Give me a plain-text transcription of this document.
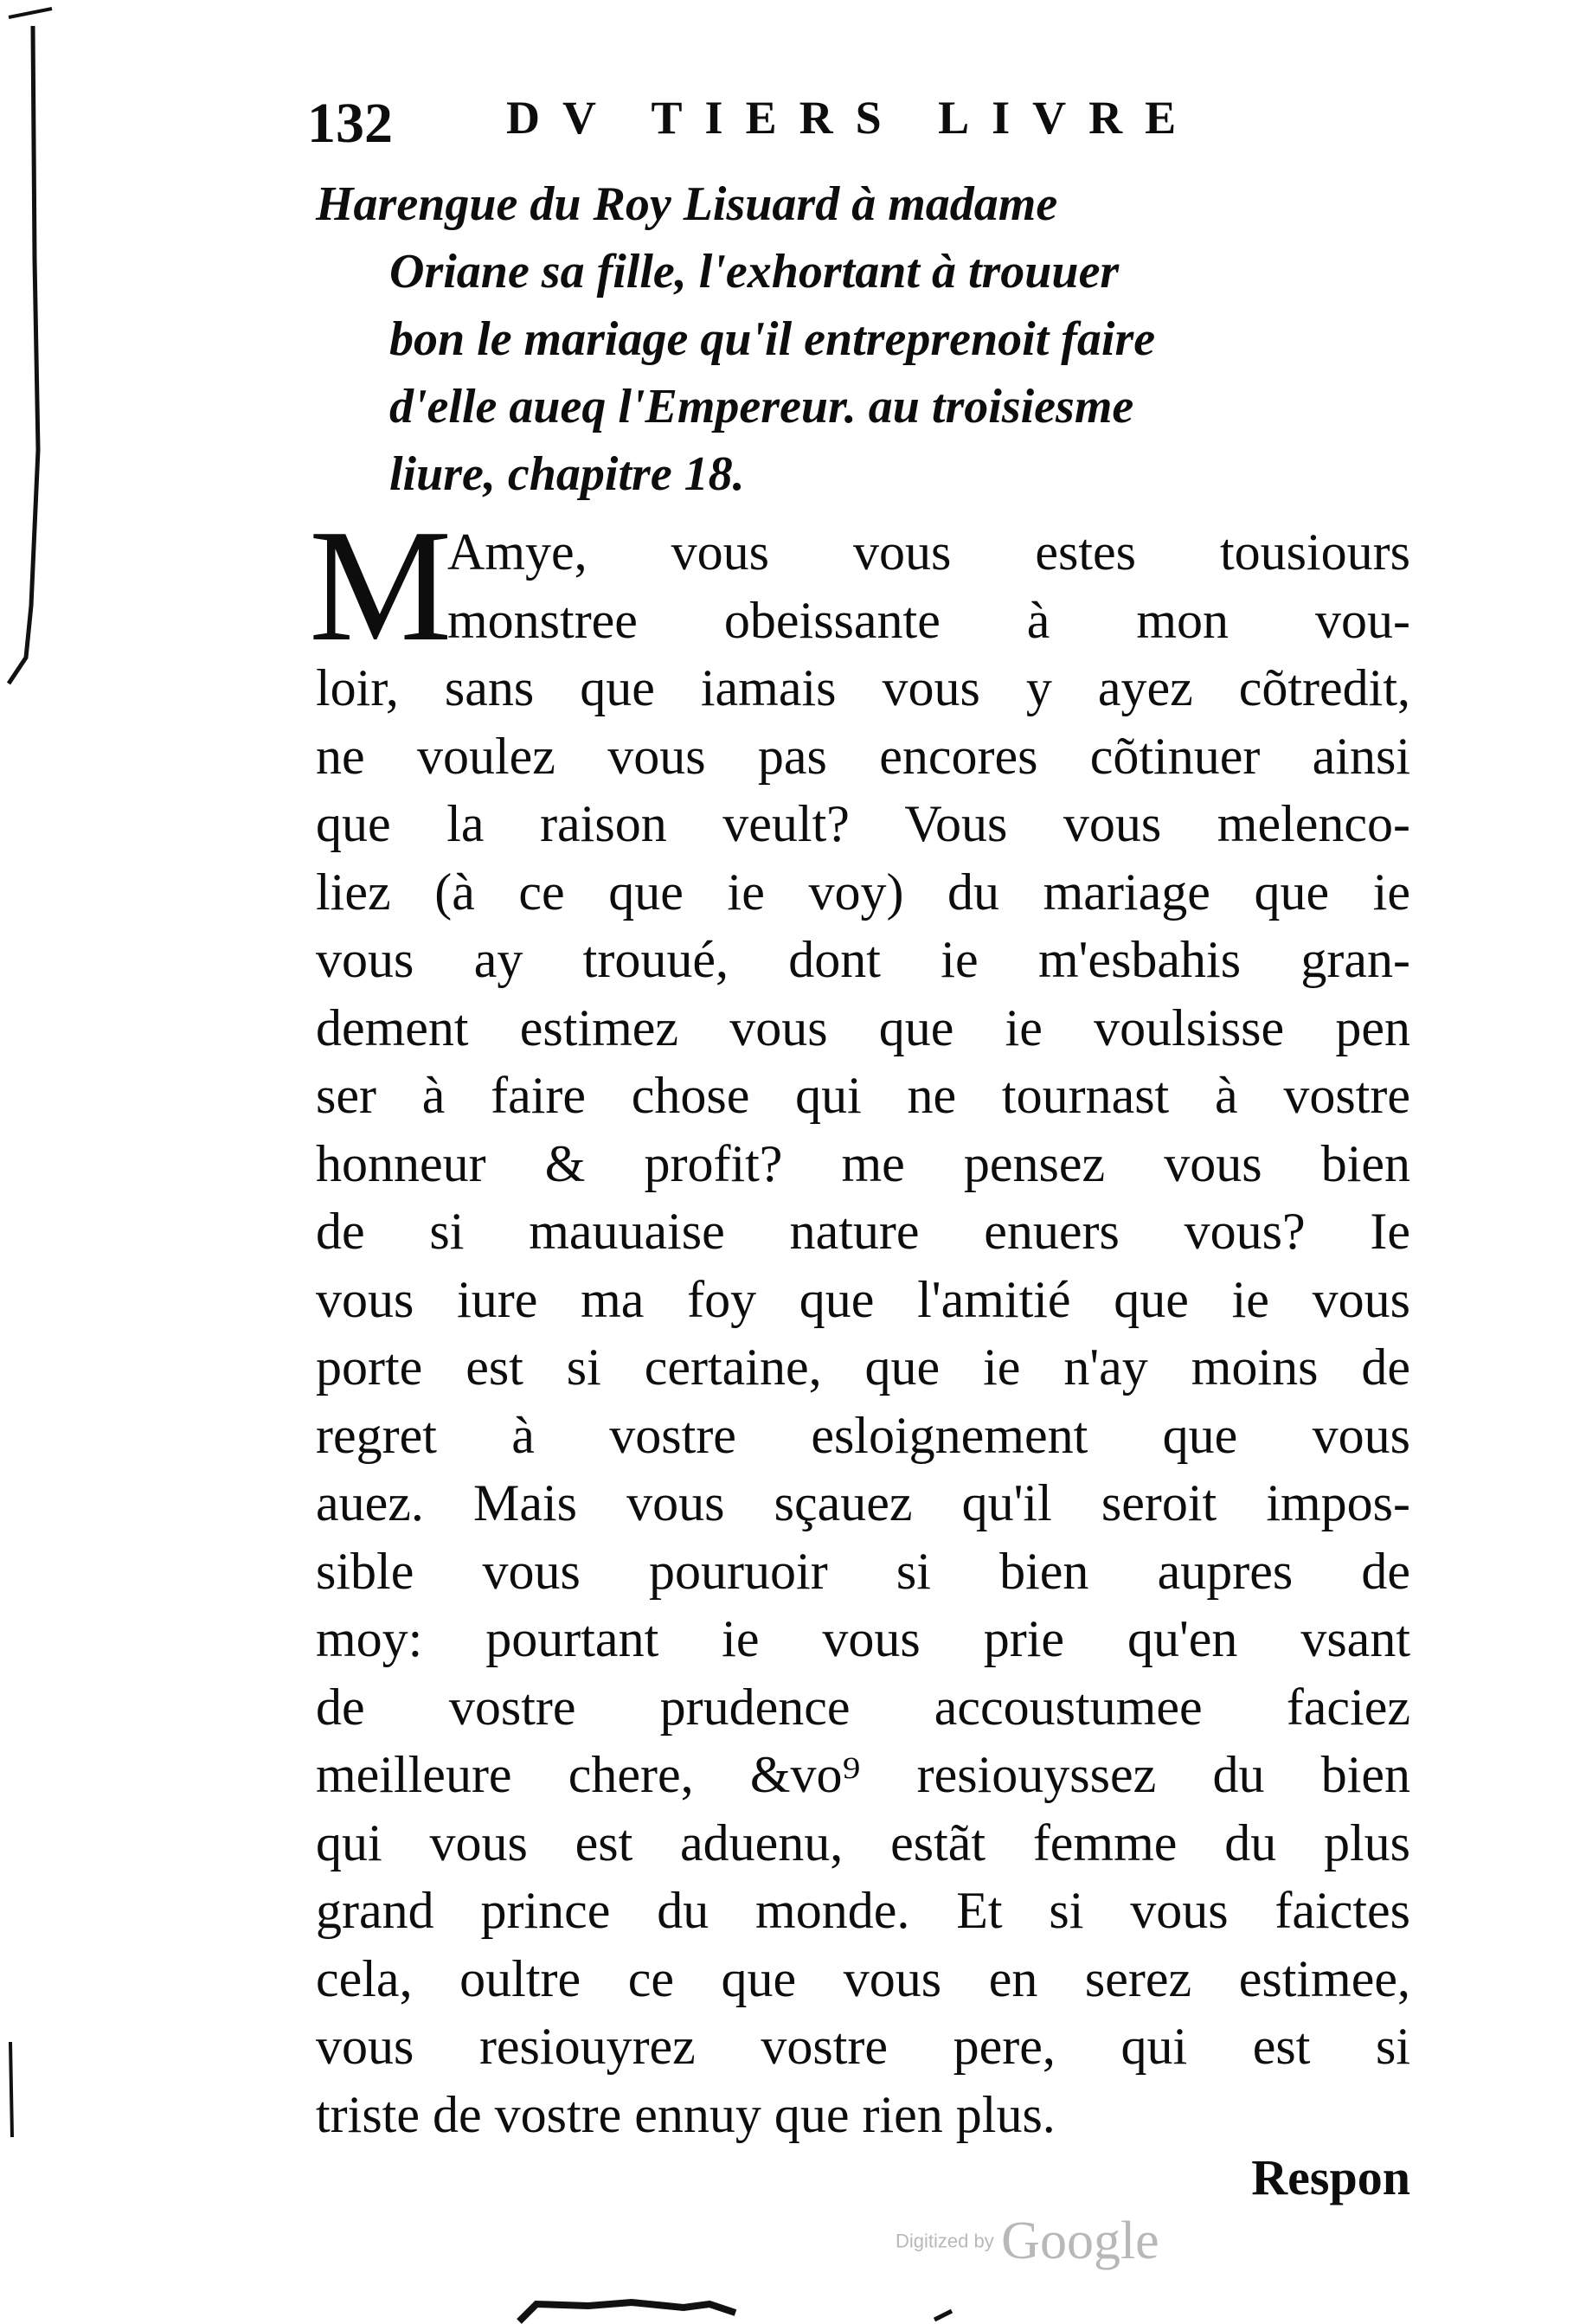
132 DV TIERS LIVRE
Harengue du Roy Lisuard à madame
Oriane sa fille, l'exhortant à trouuer
bon le mariage qu'il entreprenoit faire
d'elle aueq l'Empereur. au troisiesme
liure, chapitre 18.
M
Amye, vous vous estes tousiours
monstree obeissante à mon vou-
loir, sans que iamais vous y ayez cõtredit,
ne voulez vous pas encores cõtinuer ainsi
que la raison veult? Vous vous melenco-
liez (à ce que ie voy) du mariage que ie
vous ay trouué, dont ie m'esbahis gran-
dement estimez vous que ie voulsisse pen
ser à faire chose qui ne tournast à vostre
honneur & profit? me pensez vous bien
de si mauuaise nature enuers vous? Ie
vous iure ma foy que l'amitié que ie vous
porte est si certaine, que ie n'ay moins de
regret à vostre esloignement que vous
auez. Mais vous sçauez qu'il seroit impos-
sible vous pouruoir si bien aupres de
moy: pourtant ie vous prie qu'en vsant
de vostre prudence accoustumee faciez
meilleure chere, &vo⁹ resiouyssez du bien
qui vous est aduenu, estãt femme du plus
grand prince du monde. Et si vous faictes
cela, oultre ce que vous en serez estimee,
vous resiouyrez vostre pere, qui est si
triste de vostre ennuy que rien plus.
Respon
Digitized by Google
